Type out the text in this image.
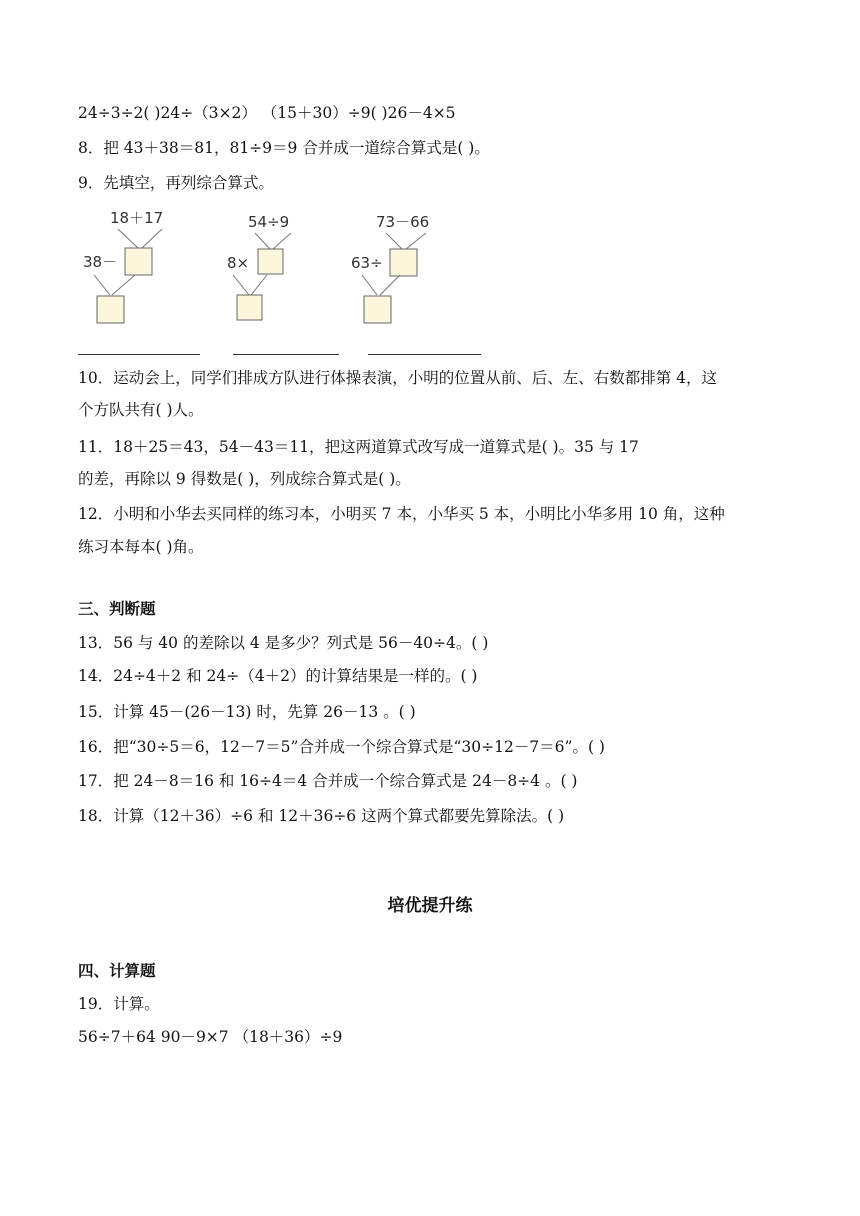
24÷3÷2( )24÷（3×2） （15＋30）÷9( )26－4×5
8．把 43＋38＝81，81÷9＝9 合并成一道综合算式是( )。
9．先填空，再列综合算式。
18＋17
38－
54÷9
8×
73－66
63÷
10．运动会上，同学们排成方队进行体操表演，小明的位置从前、后、左、右数都排第 4，这
个方队共有( )人。
11．18＋25＝43，54－43＝11，把这两道算式改写成一道算式是( )。35 与 17
的差，再除以 9 得数是( )，列成综合算式是( )。
12．小明和小华去买同样的练习本，小明买 7 本，小华买 5 本，小明比小华多用 10 角，这种
练习本每本( )角。
三、判断题
13．56 与 40 的差除以 4 是多少？列式是 56－40÷4。( )
14．24÷4＋2 和 24÷（4＋2）的计算结果是一样的。( )
15．计算 45－(26－13) 时，先算 26－13 。( )
16．把“30÷5＝6，12－7＝5”合并成一个综合算式是“30÷12－7＝6”。( )
17．把 24－8＝16 和 16÷4＝4 合并成一个综合算式是 24－8÷4 。( )
18．计算（12＋36）÷6 和 12＋36÷6 这两个算式都要先算除法。( )
培优提升练
四、计算题
19．计算。
56÷7＋64 90－9×7 （18＋36）÷9
